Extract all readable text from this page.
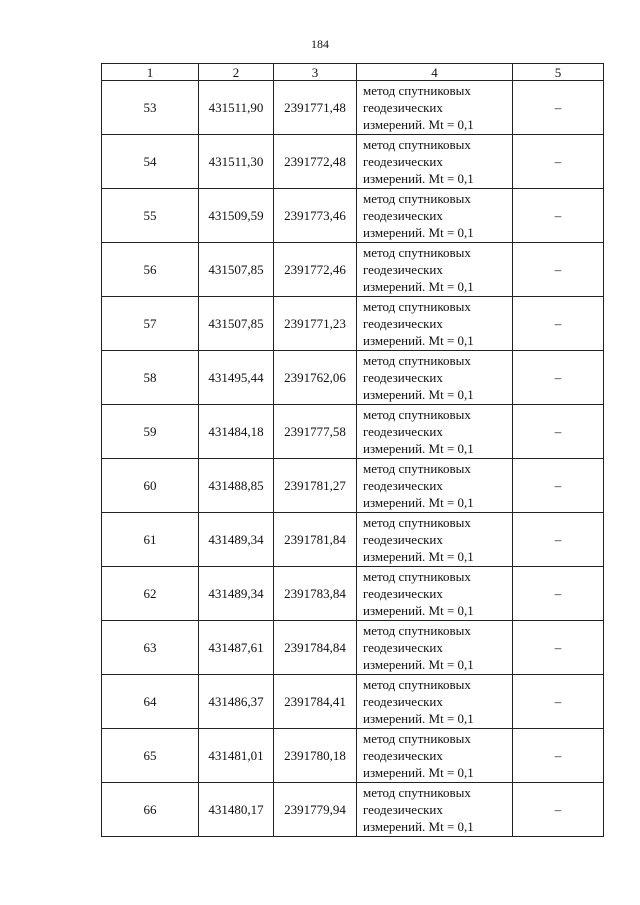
184
1	2	3	4	5
53	431511,90	2391771,48	метод спутниковых
геодезических
измерений. Mt = 0,1	–
54	431511,30	2391772,48	метод спутниковых
геодезических
измерений. Mt = 0,1	–
55	431509,59	2391773,46	метод спутниковых
геодезических
измерений. Mt = 0,1	–
56	431507,85	2391772,46	метод спутниковых
геодезических
измерений. Mt = 0,1	–
57	431507,85	2391771,23	метод спутниковых
геодезических
измерений. Mt = 0,1	–
58	431495,44	2391762,06	метод спутниковых
геодезических
измерений. Mt = 0,1	–
59	431484,18	2391777,58	метод спутниковых
геодезических
измерений. Mt = 0,1	–
60	431488,85	2391781,27	метод спутниковых
геодезических
измерений. Mt = 0,1	–
61	431489,34	2391781,84	метод спутниковых
геодезических
измерений. Mt = 0,1	–
62	431489,34	2391783,84	метод спутниковых
геодезических
измерений. Mt = 0,1	–
63	431487,61	2391784,84	метод спутниковых
геодезических
измерений. Mt = 0,1	–
64	431486,37	2391784,41	метод спутниковых
геодезических
измерений. Mt = 0,1	–
65	431481,01	2391780,18	метод спутниковых
геодезических
измерений. Mt = 0,1	–
66	431480,17	2391779,94	метод спутниковых
геодезических
измерений. Mt = 0,1	–
